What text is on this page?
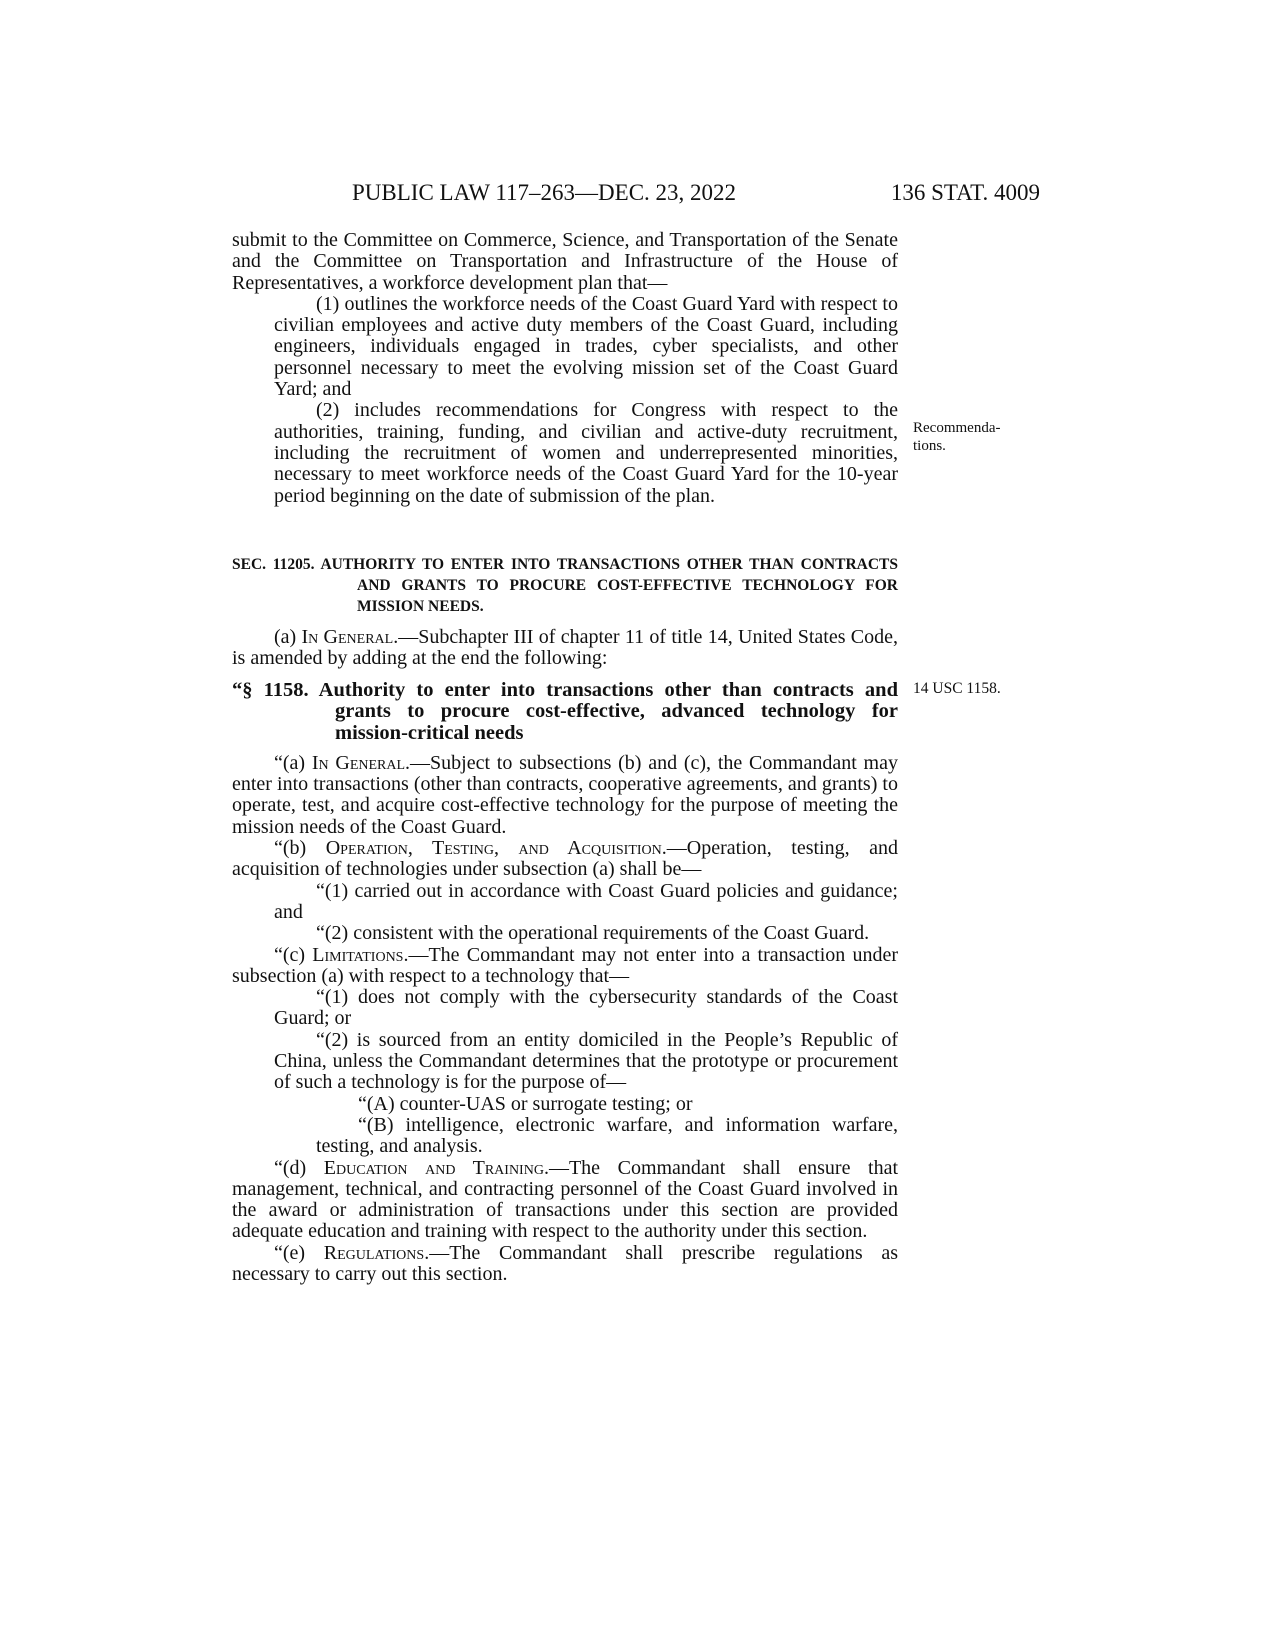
PUBLIC LAW 117–263—DEC. 23, 2022	136 STAT. 4009
Recommenda-
tions.
14 USC 1158.

submit to the Committee on Commerce, Science, and Transportation of the Senate and the Committee on Transportation and Infrastructure of the House of Representatives, a workforce development plan that—

(1) outlines the workforce needs of the Coast Guard Yard with respect to civilian employees and active duty members of the Coast Guard, including engineers, individuals engaged in trades, cyber specialists, and other personnel necessary to meet the evolving mission set of the Coast Guard Yard; and

(2) includes recommendations for Congress with respect to the authorities, training, funding, and civilian and active-duty recruitment, including the recruitment of women and underrepresented minorities, necessary to meet workforce needs of the Coast Guard Yard for the 10-year period beginning on the date of submission of the plan.

SEC. 11205. AUTHORITY TO ENTER INTO TRANSACTIONS OTHER THAN CONTRACTS AND GRANTS TO PROCURE COST-EFFECTIVE TECHNOLOGY FOR MISSION NEEDS.

(a) In General.—Subchapter III of chapter 11 of title 14, United States Code, is amended by adding at the end the following:

“§ 1158. Authority to enter into transactions other than contracts and grants to procure cost-effective, advanced technology for mission-critical needs

“(a) In General.—Subject to subsections (b) and (c), the Commandant may enter into transactions (other than contracts, cooperative agreements, and grants) to operate, test, and acquire cost-effective technology for the purpose of meeting the mission needs of the Coast Guard.

“(b) Operation, Testing, and Acquisition.—Operation, testing, and acquisition of technologies under subsection (a) shall be—

“(1) carried out in accordance with Coast Guard policies and guidance; and

“(2) consistent with the operational requirements of the Coast Guard.

“(c) Limitations.—The Commandant may not enter into a transaction under subsection (a) with respect to a technology that—

“(1) does not comply with the cybersecurity standards of the Coast Guard; or

“(2) is sourced from an entity domiciled in the People’s Republic of China, unless the Commandant determines that the prototype or procurement of such a technology is for the purpose of—

“(A) counter-UAS or surrogate testing; or

“(B) intelligence, electronic warfare, and information warfare, testing, and analysis.

“(d) Education and Training.—The Commandant shall ensure that management, technical, and contracting personnel of the Coast Guard involved in the award or administration of transactions under this section are provided adequate education and training with respect to the authority under this section.

“(e) Regulations.—The Commandant shall prescribe regulations as necessary to carry out this section.
